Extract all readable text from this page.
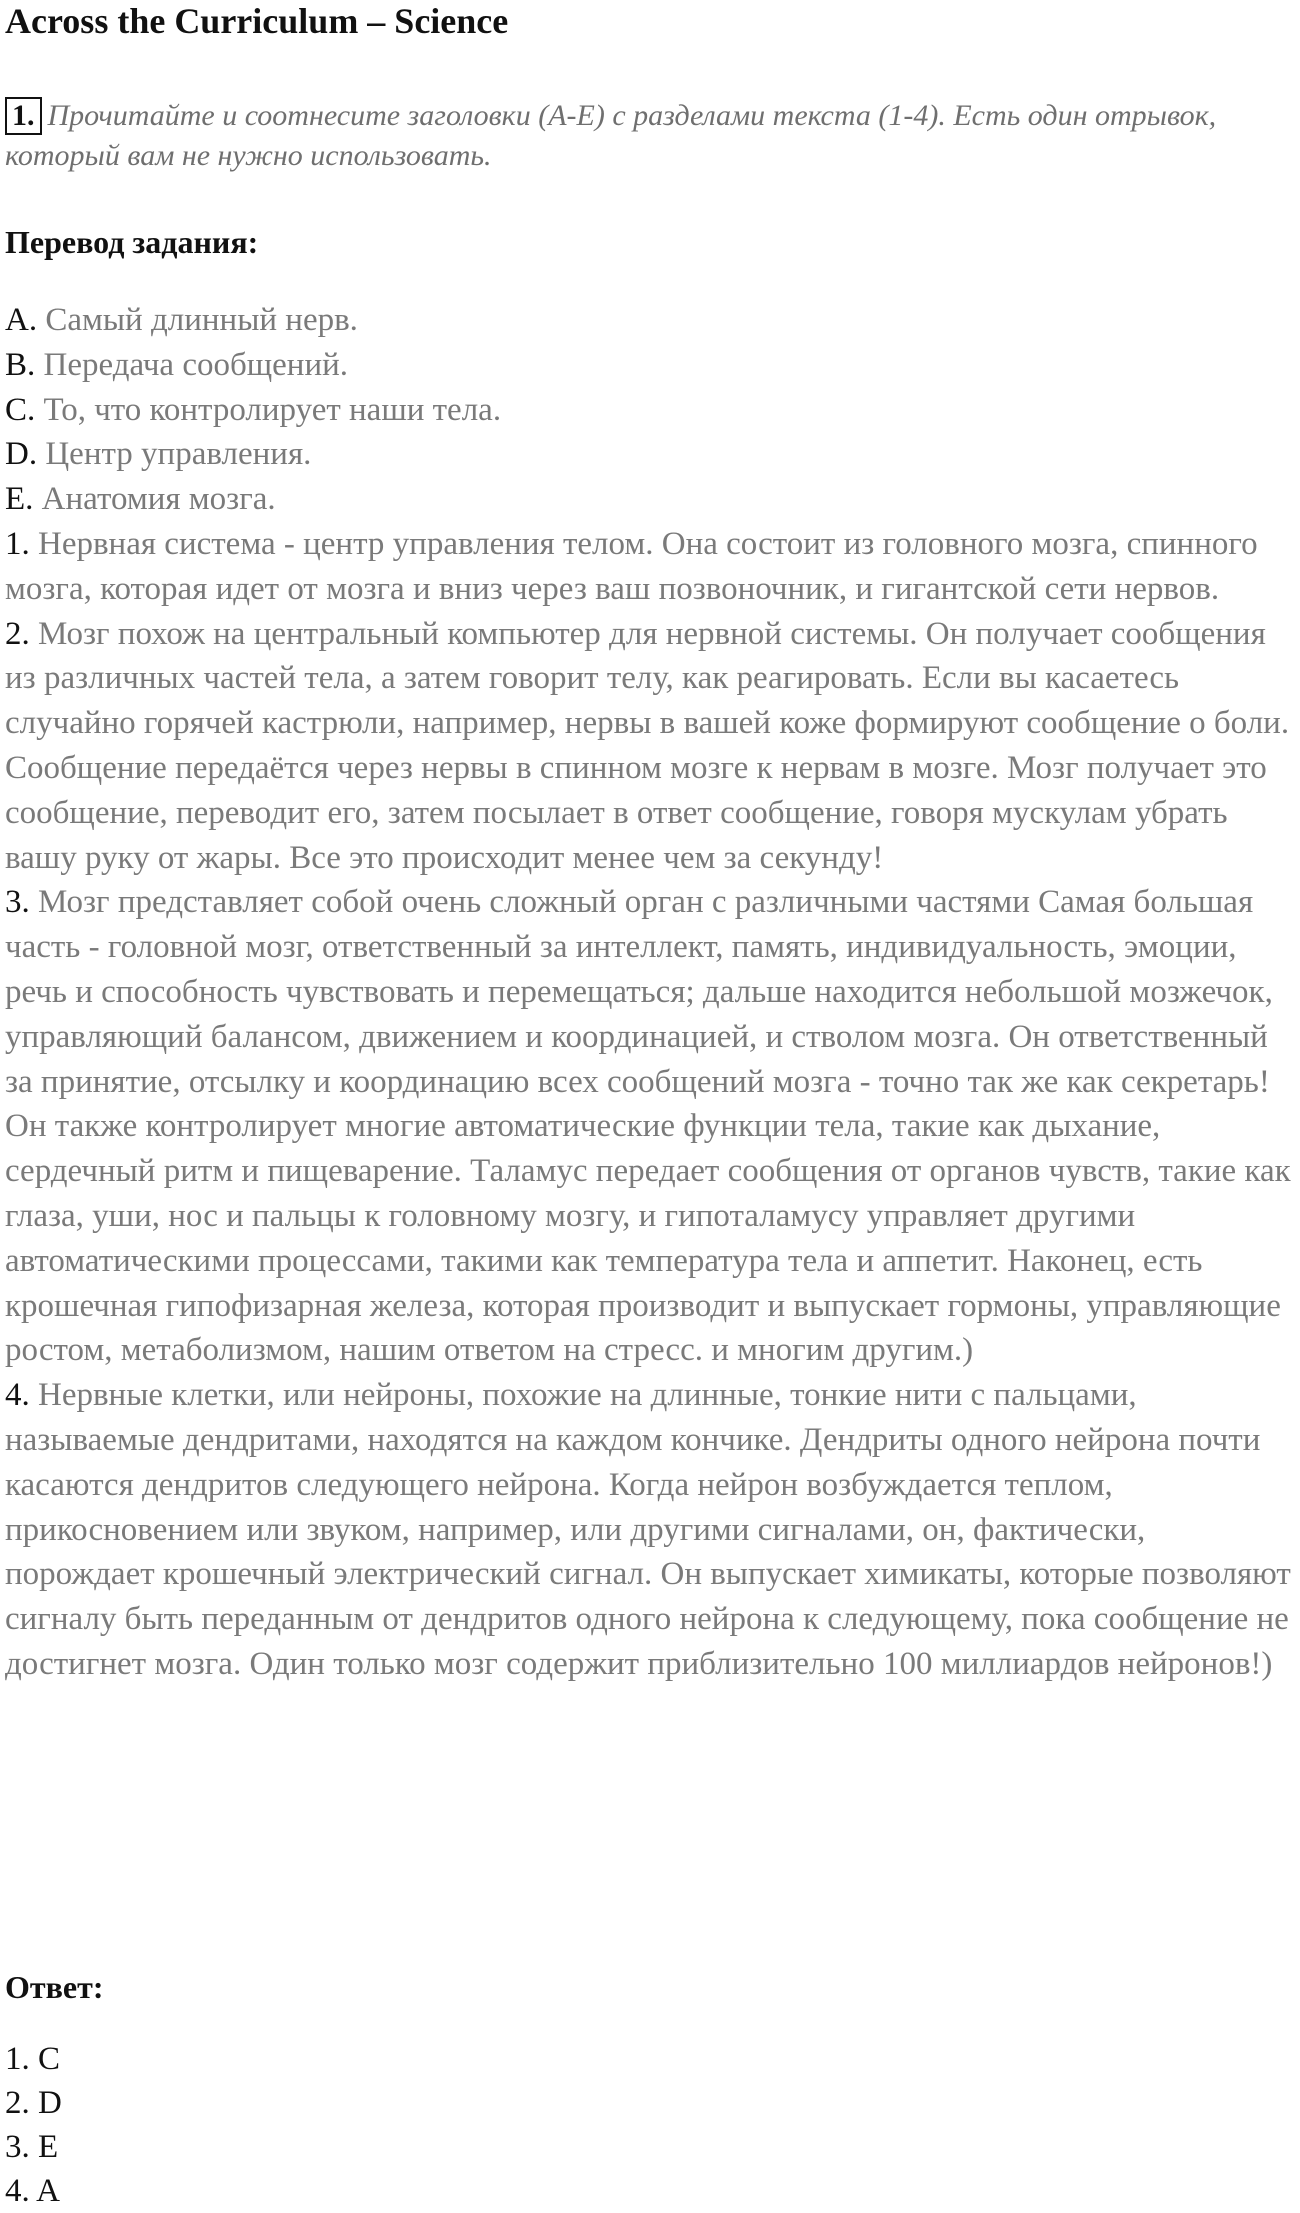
Across the Curriculum – Science
1. Прочитайте и соотнесите заголовки (A-E) с разделами текста (1-4). Есть один отрывок, который вам не нужно использовать.
Перевод задания:

A. Самый длинный нерв.

B. Передача сообщений.

C. То, что контролирует наши тела.

D. Центр управления.

E. Анатомия мозга.

1. Нервная система - центр управления телом. Она состоит из головного мозга, спинного мозга, которая идет от мозга и вниз через ваш позвоночник, и гигантской сети нервов.

2. Мозг похож на центральный компьютер для нервной системы. Он получает сообщения из различных частей тела, а затем говорит телу, как реагировать. Если вы касаетесь случайно горячей кастрюли, например, нервы в вашей коже формируют сообщение о боли. Сообщение передаётся через нервы в спинном мозге к нервам в мозге. Мозг получает это сообщение, переводит его, затем посылает в ответ сообщение, говоря мускулам убрать вашу руку от жары. Все это происходит менее чем за секунду!

3. Мозг представляет собой очень сложный орган с различными частями Самая большая часть - головной мозг, ответственный за интеллект, память, индивидуальность, эмоции, речь и способность чувствовать и перемещаться; дальше находится небольшой мозжечок, управляющий балансом, движением и координацией, и стволом мозга. Он ответственный за принятие, отсылку и координацию всех сообщений мозга - точно так же как секретарь! Он также контролирует многие автоматические функции тела, такие как дыхание, сердечный ритм и пищеварение. Таламус передает сообщения от органов чувств, такие как глаза, уши, нос и пальцы к головному мозгу, и гипоталамусу управляет другими автоматическими процессами, такими как температура тела и аппетит. Наконец, есть крошечная гипофизарная железа, которая производит и выпускает гормоны, управляющие ростом, метаболизмом, нашим ответом на стресс. и многим другим.)

4. Нервные клетки, или нейроны, похожие на длинные, тонкие нити с пальцами, называемые дендритами, находятся на каждом кончике. Дендриты одного нейрона почти касаются дендритов следующего нейрона. Когда нейрон возбуждается теплом, прикосновением или звуком, например, или другими сигналами, он, фактически, порождает крошечный электрический сигнал. Он выпускает химикаты, которые позволяют сигналу быть переданным от дендритов одного нейрона к следующему, пока сообщение не достигнет мозга. Один только мозг содержит приблизительно 100 миллиардов нейронов!)

Ответ:

1. C

2. D

3. E

4. A
